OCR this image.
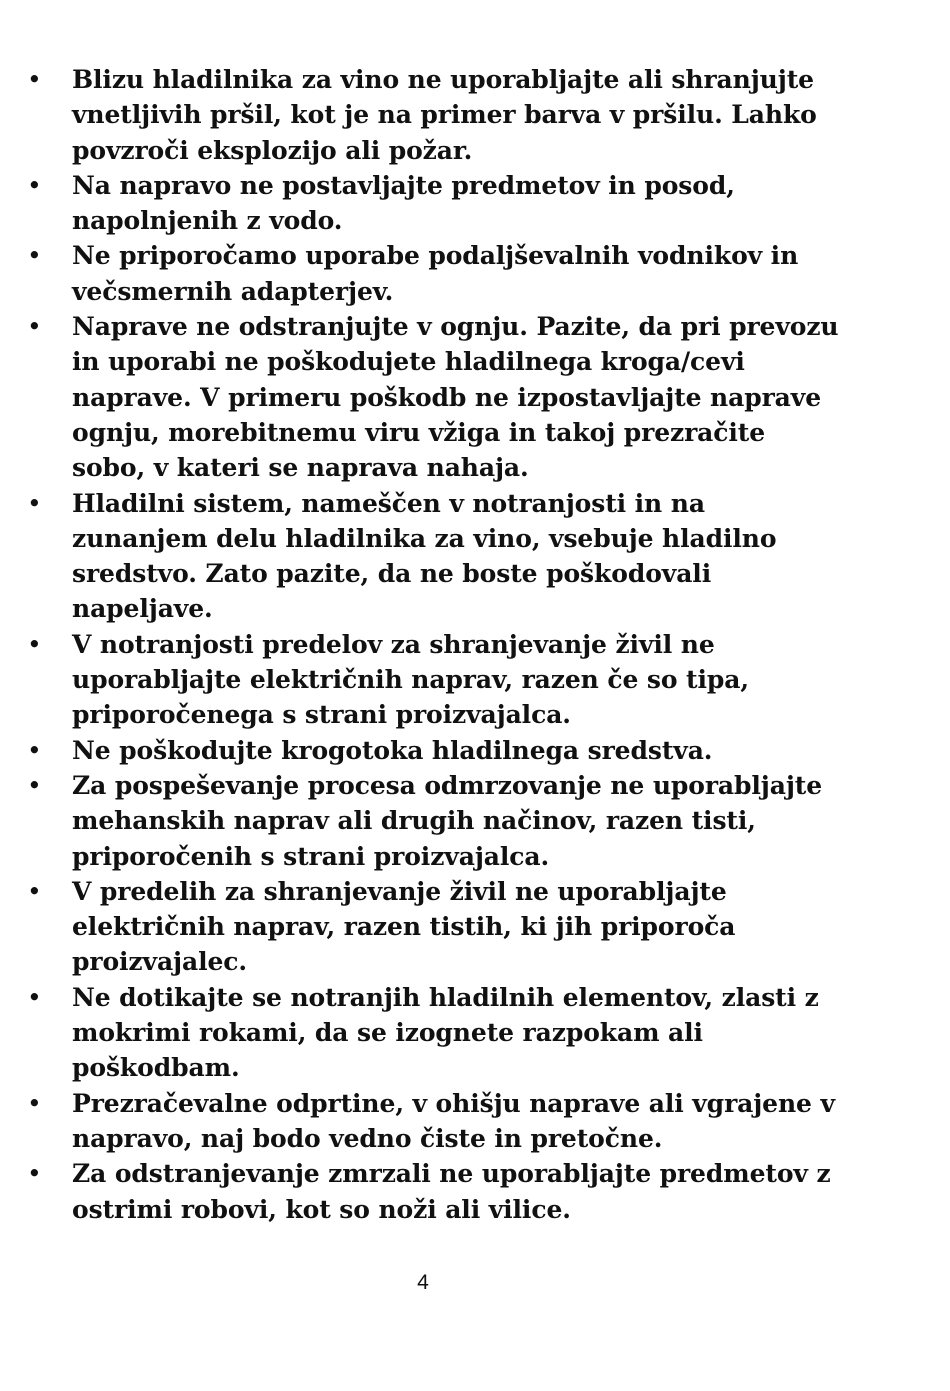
• Blizu hladilnika za vino ne uporabljajte ali shranjujte vnetljivih pršil, kot je na primer barva v pršilu. Lahko povzroči eksplozijo ali požar.
• Na napravo ne postavljajte predmetov in posod, napolnjenih z vodo.
• Ne priporočamo uporabe podaljševalnih vodnikov in večsmernih adapterjev.
• Naprave ne odstranjujte v ognju. Pazite, da pri prevozu in uporabi ne poškodujete hladilnega kroga/cevi naprave. V primeru poškodb ne izpostavljajte naprave ognju, morebitnemu viru vžiga in takoj prezračite sobo, v kateri se naprava nahaja.
• Hladilni sistem, nameščen v notranjosti in na zunanjem delu hladilnika za vino, vsebuje hladilno sredstvo. Zato pazite, da ne boste poškodovali napeljave.
• V notranjosti predelov za shranjevanje živil ne uporabljajte električnih naprav, razen če so tipa, priporočenega s strani proizvajalca.
• Ne poškodujte krogotoka hladilnega sredstva.
• Za pospeševanje procesa odmrzovanje ne uporabljajte mehanskih naprav ali drugih načinov, razen tisti, priporočenih s strani proizvajalca.
• V predelih za shranjevanje živil ne uporabljajte električnih naprav, razen tistih, ki jih priporoča proizvajalec.
• Ne dotikajte se notranjih hladilnih elementov, zlasti z mokrimi rokami, da se izognete razpokam ali poškodbam.
• Prezračevalne odprtine, v ohišju naprave ali vgrajene v napravo, naj bodo vedno čiste in pretočne.
• Za odstranjevanje zmrzali ne uporabljajte predmetov z ostrimi robovi, kot so noži ali vilice.
4
